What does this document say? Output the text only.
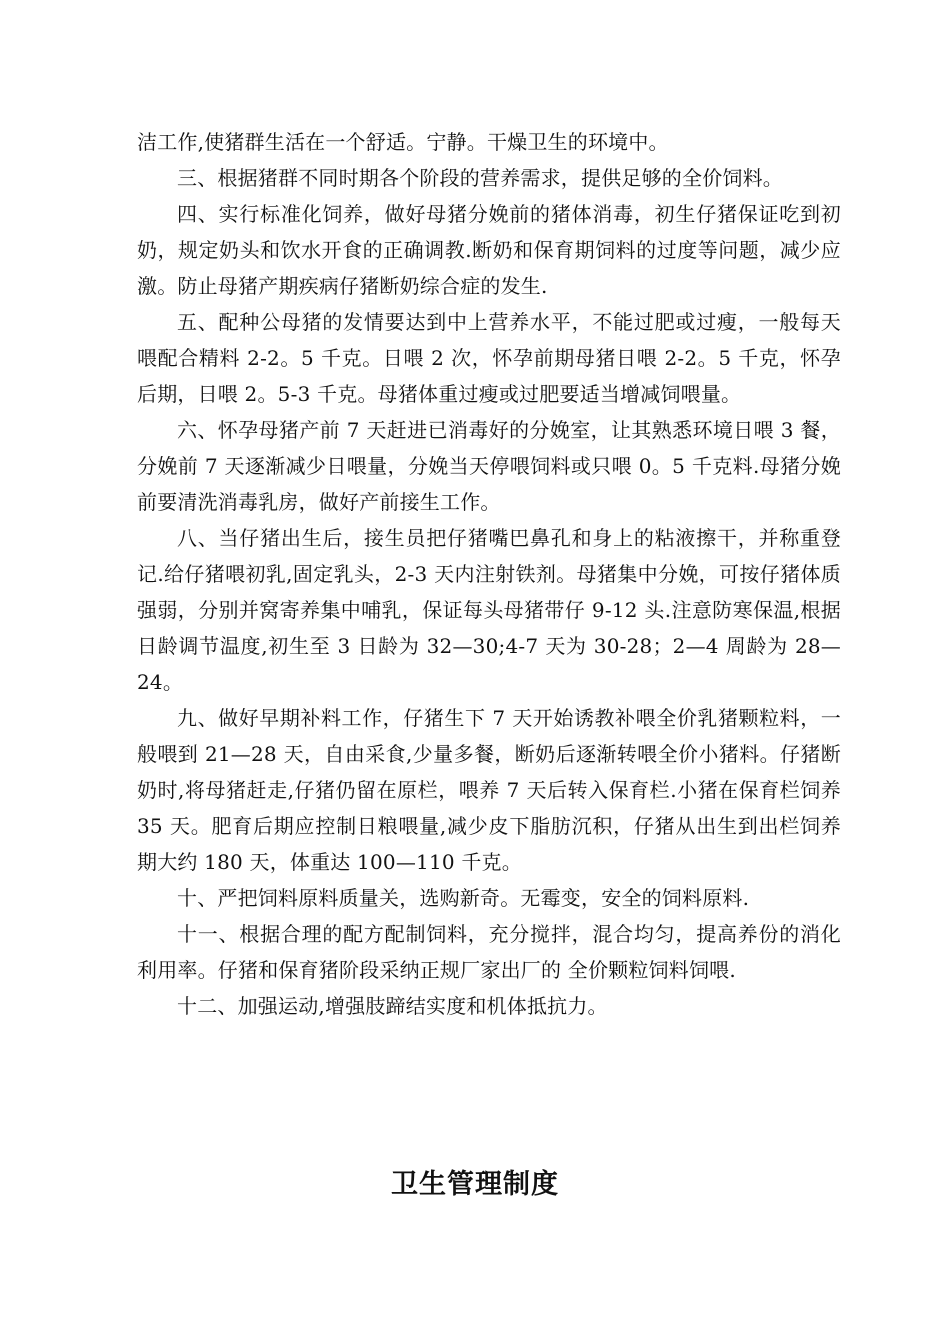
洁工作,使猪群生活在一个舒适。宁静。干燥卫生的环境中。

三、根据猪群不同时期各个阶段的营养需求，提供足够的全价饲料。

四、实行标准化饲养，做好母猪分娩前的猪体消毒，初生仔猪保证吃到初奶，规定奶头和饮水开食的正确调教.断奶和保育期饲料的过度等问题，减少应激。防止母猪产期疾病仔猪断奶综合症的发生.

五、配种公母猪的发情要达到中上营养水平，不能过肥或过瘦，一般每天喂配合精料 2-2。5 千克。日喂 2 次，怀孕前期母猪日喂 2-2。5 千克，怀孕后期，日喂 2。5-3 千克。母猪体重过瘦或过肥要适当增减饲喂量。

六、怀孕母猪产前 7 天赶进已消毒好的分娩室，让其熟悉环境日喂 3 餐，分娩前 7 天逐渐减少日喂量，分娩当天停喂饲料或只喂 0。5 千克料.母猪分娩前要清洗消毒乳房，做好产前接生工作。

八、当仔猪出生后，接生员把仔猪嘴巴鼻孔和身上的粘液擦干，并称重登记.给仔猪喂初乳,固定乳头，2-3 天内注射铁剂。母猪集中分娩，可按仔猪体质强弱，分别并窝寄养集中哺乳，保证每头母猪带仔 9-12 头.注意防寒保温,根据日龄调节温度,初生至 3 日龄为 32—30;4-7 天为 30-28；2—4 周龄为 28—24。

九、做好早期补料工作，仔猪生下 7 天开始诱教补喂全价乳猪颗粒料，一般喂到 21—28 天，自由采食,少量多餐，断奶后逐渐转喂全价小猪料。仔猪断奶时,将母猪赶走,仔猪仍留在原栏，喂养 7 天后转入保育栏.小猪在保育栏饲养 35 天。肥育后期应控制日粮喂量,减少皮下脂肪沉积，仔猪从出生到出栏饲养期大约 180 天，体重达 100—110 千克。

十、严把饲料原料质量关，选购新奇。无霉变，安全的饲料原料.

十一、根据合理的配方配制饲料，充分搅拌，混合均匀，提高养份的消化利用率。仔猪和保育猪阶段采纳正规厂家出厂的 全价颗粒饲料饲喂.

十二、加强运动,增强肢蹄结实度和机体抵抗力。

卫生管理制度
